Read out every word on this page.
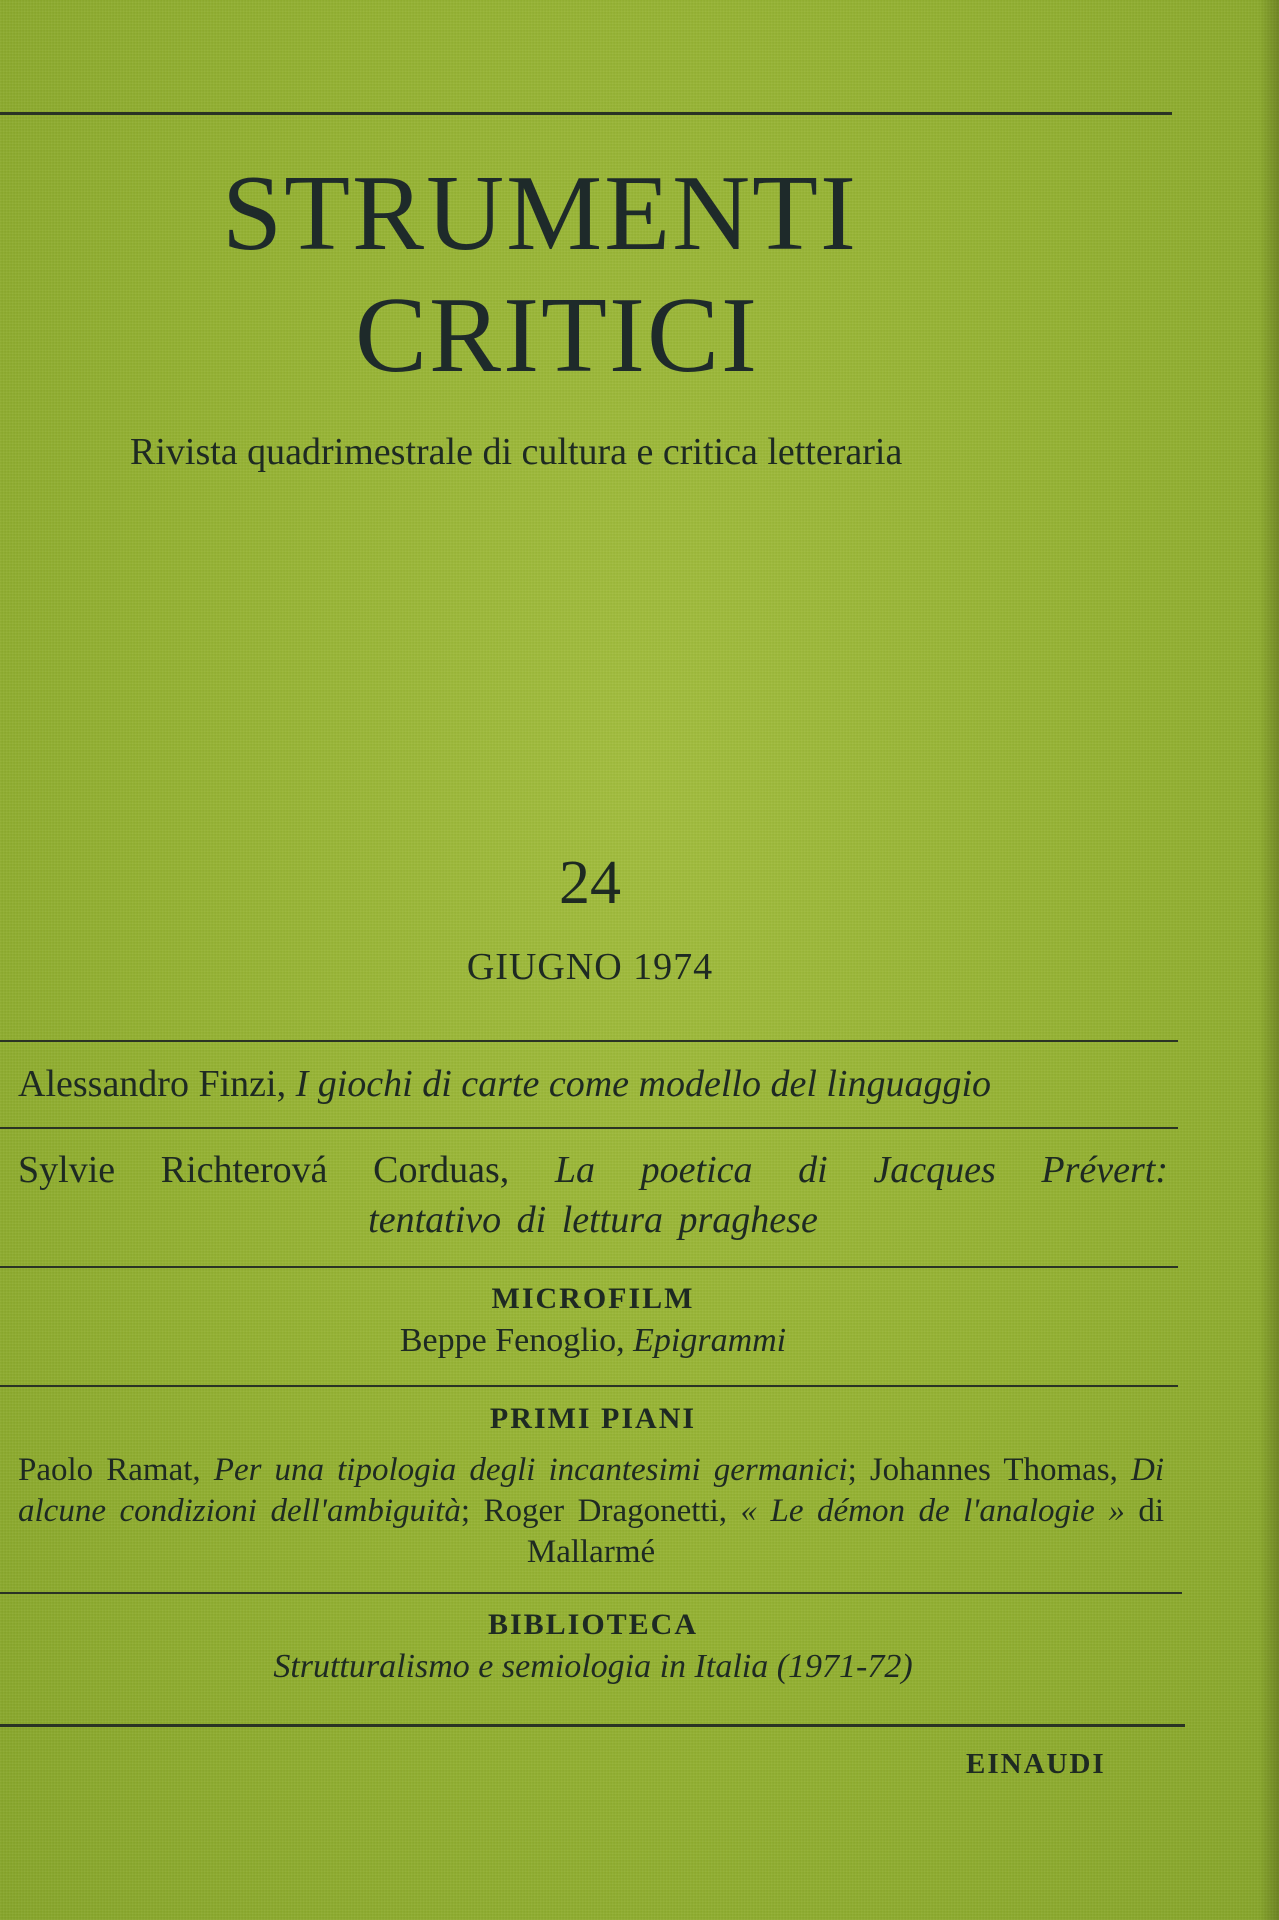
STRUMENTI
CRITICI
Rivista quadrimestrale di cultura e critica letteraria
24
GIUGNO 1974
Alessandro Finzi, I giochi di carte come modello del linguaggio
Sylvie Richterová Corduas, La poetica di Jacques Prévert:
tentativo di lettura praghese
MICROFILM
Beppe Fenoglio, Epigrammi
PRIMI PIANI
Paolo Ramat, Per una tipologia degli incantesimi germanici; Johannes Thomas, Di alcune condizioni dell'ambiguità; Roger Dragonetti, « Le démon de l'analogie » di Mallarmé
BIBLIOTECA
Strutturalismo e semiologia in Italia (1971-72)
EINAUDI
